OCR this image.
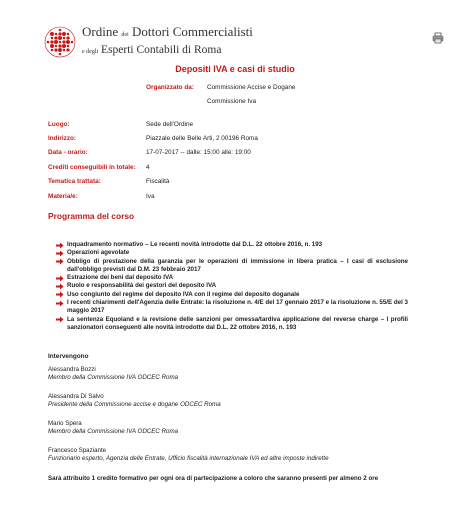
Ordine dei Dottori Commercialisti
e degli Esperti Contabili di Roma
Depositi IVA e casi di studio
Organizzato da: Commissione Accise e Dogane
Commissione Iva
Luogo:	Sede dell'Ordine
Indirizzo:	Piazzale delle Belle Arti, 2 00196 Roma
Data - orario:	17-07-2017 -- dalle: 15:00 alle: 19:00
Crediti conseguibili in totale:	4
Tematica trattata:	Fiscalità
Materia/e:	Iva
Programma del corso
Inquadramento normativo – Le recenti novità introdotte dal D.L. 22 ottobre 2016, n. 193
Operazioni agevolate
Obbligo di prestazione della garanzia per le operazioni di immissione in libera pratica – I casi di esclusione dall'obbligo previsti dal D.M. 23 febbraio 2017
Estrazione dei beni dal deposito IVA
Ruolo e responsabilità dei gestori del deposito IVA
Uso congiunto del regime del deposito IVA con il regime del deposito doganale
I recenti chiarimenti dell'Agenzia delle Entrate: la risoluzione n. 4/E del 17 gennaio 2017 e la risoluzione n. 55/E del 3 maggio 2017
La sentenza Equoland e la revisione delle sanzioni per omessa/tardiva applicazione del reverse charge – I profili sanzionatori conseguenti alle novità introdotte dal D.L. 22 ottobre 2016, n. 193
Intervengono
Alessandra Bozzi
Membro della Commissione IVA ODCEC Roma
Alessandra Di Salvo
Presidente della Commissione accise e dogane ODCEC Roma
Mario Spera
Membro della Commissione IVA ODCEC Roma
Francesco Spaziante
Funzionario esperto, Agenzia delle Entrate, Ufficio fiscalità internazionale IVA ed altre imposte indirette
Sarà attribuito 1 credito formativo per ogni ora di partecipazione a coloro che saranno presenti per almeno 2 ore
